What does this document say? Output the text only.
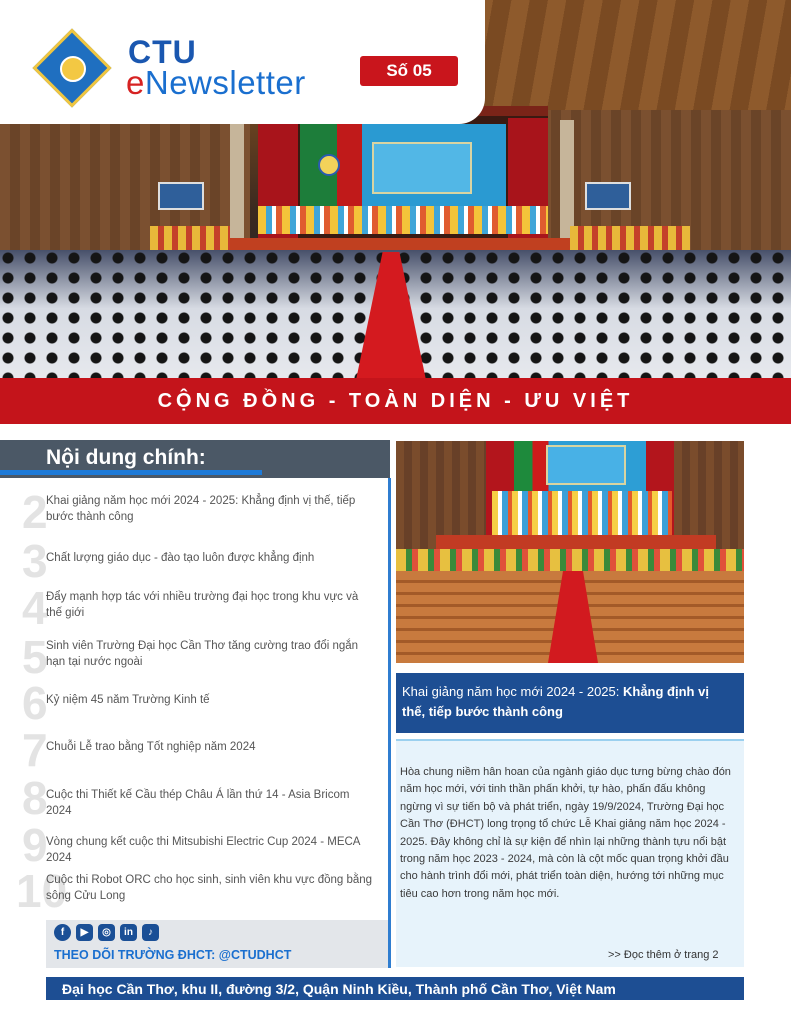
CTU
eNewsletter	Số 05
CỘNG ĐỒNG - TOÀN DIỆN - ƯU VIỆT
Nội dung chính:
2
Khai giảng năm học mới 2024 - 2025: Khẳng định vị thế, tiếp bước thành công
3
Chất lượng giáo dục - đào tạo luôn được khẳng định
4
Đẩy mạnh hợp tác với nhiều trường đại học trong khu vực và thế giới
5
Sinh viên Trường Đại học Cần Thơ tăng cường trao đổi ngắn hạn tại nước ngoài
6
Kỷ niệm 45 năm Trường Kinh tế
7
Chuỗi Lễ trao bằng Tốt nghiệp năm 2024
8
Cuộc thi Thiết kế Cầu thép Châu Á lần thứ 14 - Asia Bricom 2024
9
Vòng chung kết cuộc thi Mitsubishi Electric Cup 2024 - MECA 2024
10
Cuộc thi Robot ORC cho học sinh, sinh viên khu vực đồng bằng sông Cửu Long
f	▶	◎	in	♪
THEO DÕI TRƯỜNG ĐHCT: @CTUDHCT
Khai giảng năm học mới 2024 - 2025: Khẳng định vị thế, tiếp bước thành công
Hòa chung niềm hân hoan của ngành giáo dục tưng bừng chào đón năm học mới, với tinh thần phấn khởi, tự hào, phấn đấu không ngừng vì sự tiến bộ và phát triển, ngày 19/9/2024, Trường Đại học Cần Thơ (ĐHCT) long trọng tổ chức Lễ Khai giảng năm học 2024 - 2025. Đây không chỉ là sự kiện để nhìn lại những thành tựu nổi bật trong năm học 2023 - 2024, mà còn là cột mốc quan trọng khởi đầu cho hành trình đổi mới, phát triển toàn diện, hướng tới những mục tiêu cao hơn trong năm học mới.
>> Đọc thêm ở trang 2
Đại học Cần Thơ, khu II, đường 3/2, Quận Ninh Kiều, Thành phố Cần Thơ, Việt Nam
